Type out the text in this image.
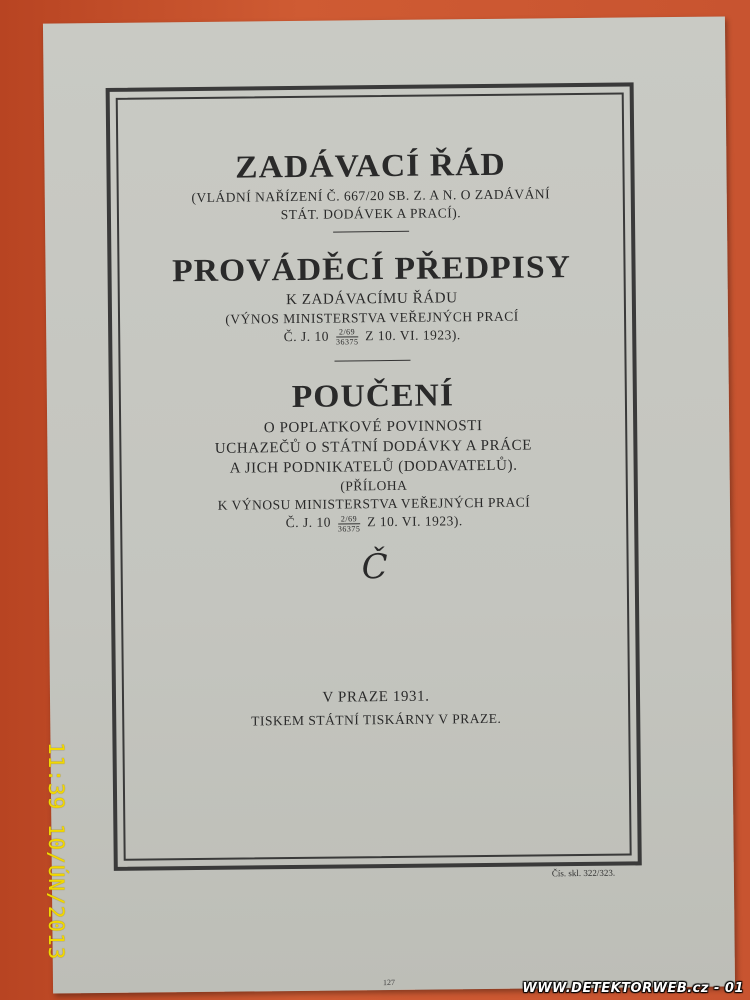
ZADÁVACÍ ŘÁD

(VLÁDNÍ NAŘÍZENÍ Č. 667/20 SB. Z. A N. O ZADÁVÁNÍ

STÁT. DODÁVEK A PRACÍ).

PROVÁDĚCÍ PŘEDPISY

K ZADÁVACÍMU ŘÁDU

(VÝNOS MINISTERSTVA VEŘEJNÝCH PRACÍ

Č. J. $10 \frac{2/69}{36375}$ Z 10. VI. 1923).

POUČENÍ

O POPLATKOVÉ POVINNOSTI

UCHAZEČŮ O STÁTNÍ DODÁVKY A PRÁCE

A JICH PODNIKATELŮ (DODAVATELŮ).

(PŘÍLOHA

K VÝNOSU MINISTERSTVA VEŘEJNÝCH PRACÍ

Č. J. $10 \frac{2/69}{36375}$ Z 10. VI. 1923).

Č

V PRAZE 1931.

TISKEM STÁTNÍ TISKÁRNY V PRAZE.

Čís. skl. 322/323.
127
11:39 10/ÚN/2013
WWW.DETEKTORWEB.cz - 01
